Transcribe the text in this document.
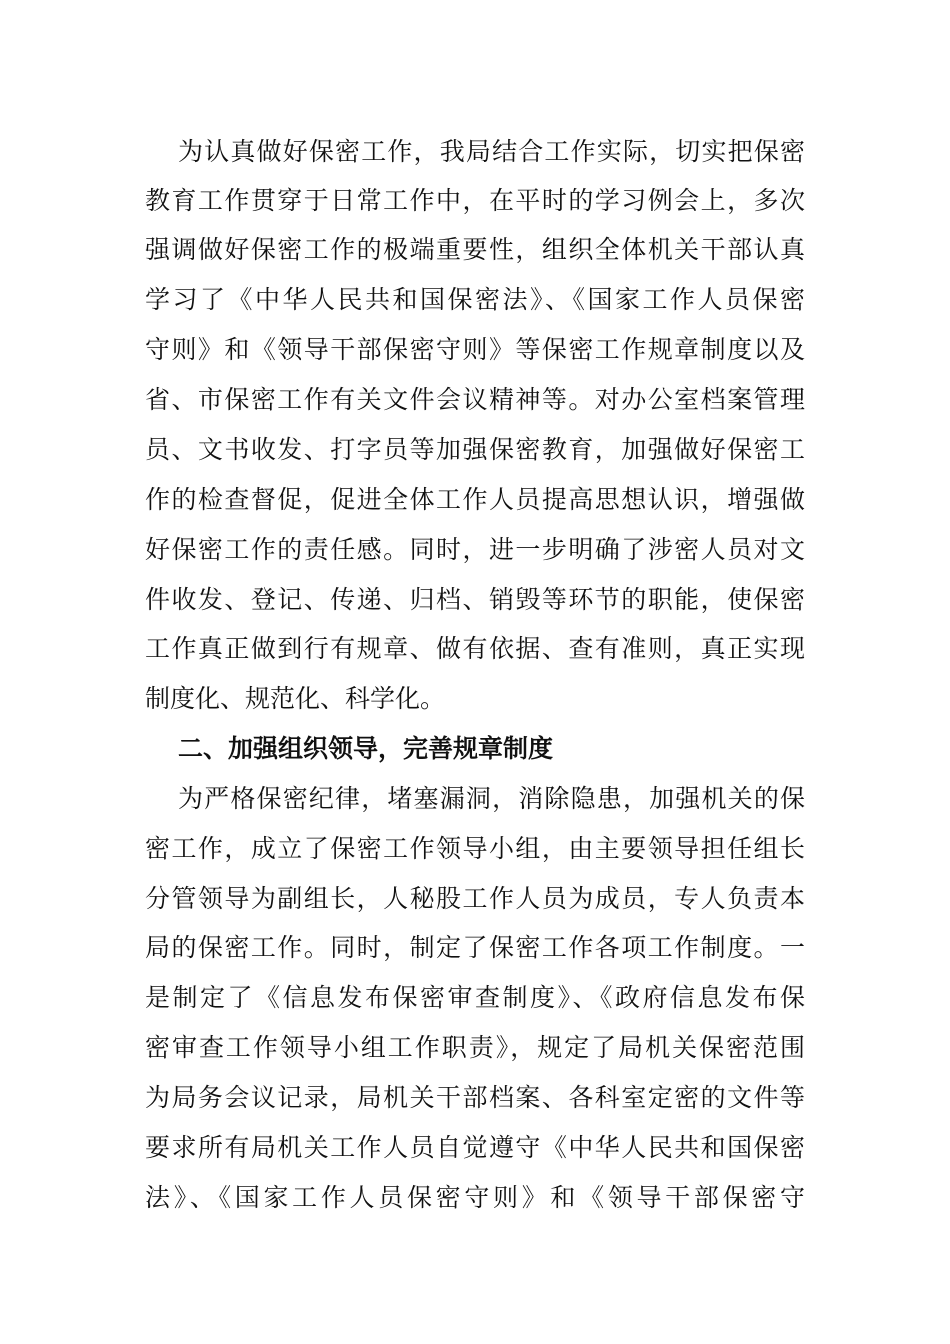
为认真做好保密工作，我局结合工作实际，切实把保密
教育工作贯穿于日常工作中，在平时的学习例会上，多次
强调做好保密工作的极端重要性，组织全体机关干部认真
学习了《中华人民共和国保密法》、《国家工作人员保密
守则》和《领导干部保密守则》等保密工作规章制度以及
省、市保密工作有关文件会议精神等。对办公室档案管理
员、文书收发、打字员等加强保密教育，加强做好保密工
作的检查督促，促进全体工作人员提高思想认识，增强做
好保密工作的责任感。同时，进一步明确了涉密人员对文
件收发、登记、传递、归档、销毁等环节的职能，使保密
工作真正做到行有规章、做有依据、查有准则，真正实现
制度化、规范化、科学化。
二、加强组织领导，完善规章制度
为严格保密纪律，堵塞漏洞，消除隐患，加强机关的保
密工作，成立了保密工作领导小组，由主要领导担任组长
分管领导为副组长，人秘股工作人员为成员，专人负责本
局的保密工作。同时，制定了保密工作各项工作制度。一
是制定了《信息发布保密审查制度》、《政府信息发布保
密审查工作领导小组工作职责》，规定了局机关保密范围
为局务会议记录，局机关干部档案、各科室定密的文件等
要求所有局机关工作人员自觉遵守《中华人民共和国保密
法》、《国家工作人员保密守则》和《领导干部保密守
